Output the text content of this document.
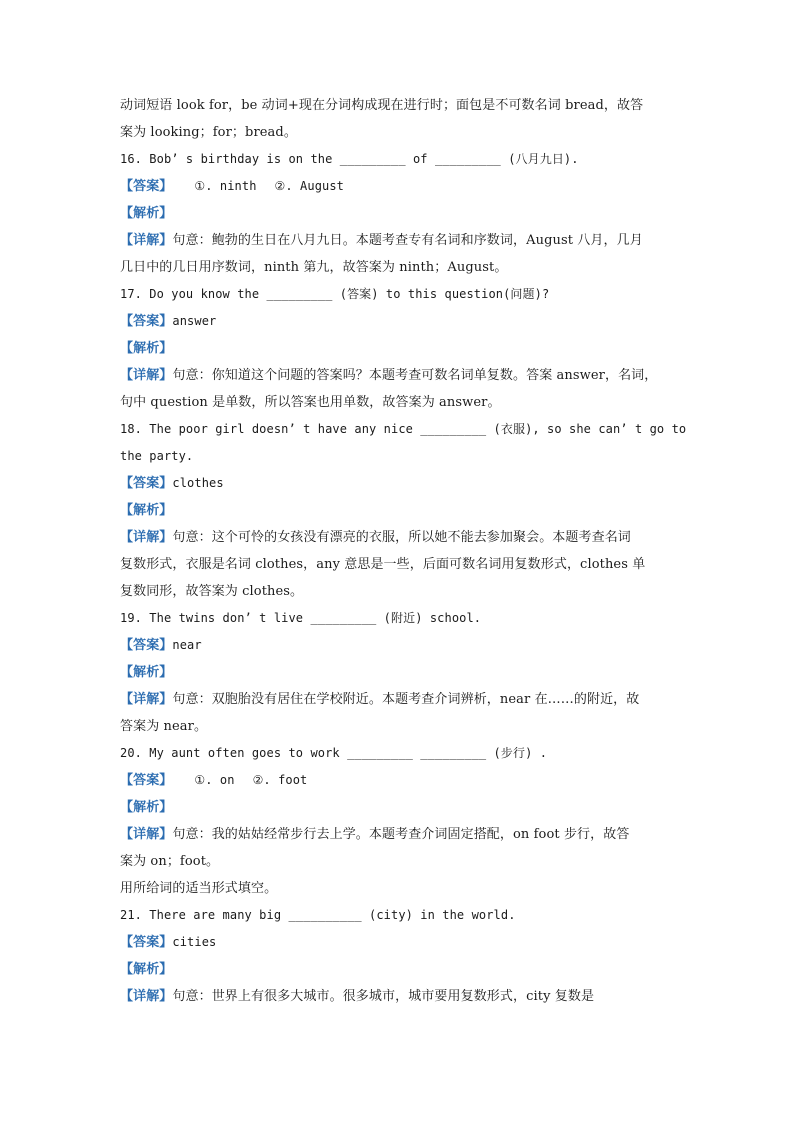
动词短语 look for，be 动词+现在分词构成现在进行时；面包是不可数名词 bread，故答
案为 looking；for；bread。
16. Bob’ s birthday is on the _________ of _________ (八月九日).
【答案】 ①. ninth ②. August
【解析】
【详解】句意：鲍勃的生日在八月九日。本题考查专有名词和序数词，August 八月，几月
几日中的几日用序数词，ninth 第九，故答案为 ninth；August。
17. Do you know the _________ (答案) to this question(问题)?
【答案】answer
【解析】
【详解】句意：你知道这个问题的答案吗？本题考查可数名词单复数。答案 answer，名词，
句中 question 是单数，所以答案也用单数，故答案为 answer。
18. The poor girl doesn’ t have any nice _________ (衣服), so she can’ t go to
the party.
【答案】clothes
【解析】
【详解】句意：这个可怜的女孩没有漂亮的衣服，所以她不能去参加聚会。本题考查名词
复数形式，衣服是名词 clothes，any 意思是一些，后面可数名词用复数形式，clothes 单
复数同形，故答案为 clothes。
19. The twins don’ t live _________ (附近) school.
【答案】near
【解析】
【详解】句意：双胞胎没有居住在学校附近。本题考查介词辨析，near 在……的附近，故
答案为 near。
20. My aunt often goes to work _________ _________ (步行) .
【答案】 ①. on ②. foot
【解析】
【详解】句意：我的姑姑经常步行去上学。本题考查介词固定搭配，on foot 步行，故答
案为 on；foot。
用所给词的适当形式填空。
21. There are many big __________ (city) in the world.
【答案】cities
【解析】
【详解】句意：世界上有很多大城市。很多城市，城市要用复数形式，city 复数是
